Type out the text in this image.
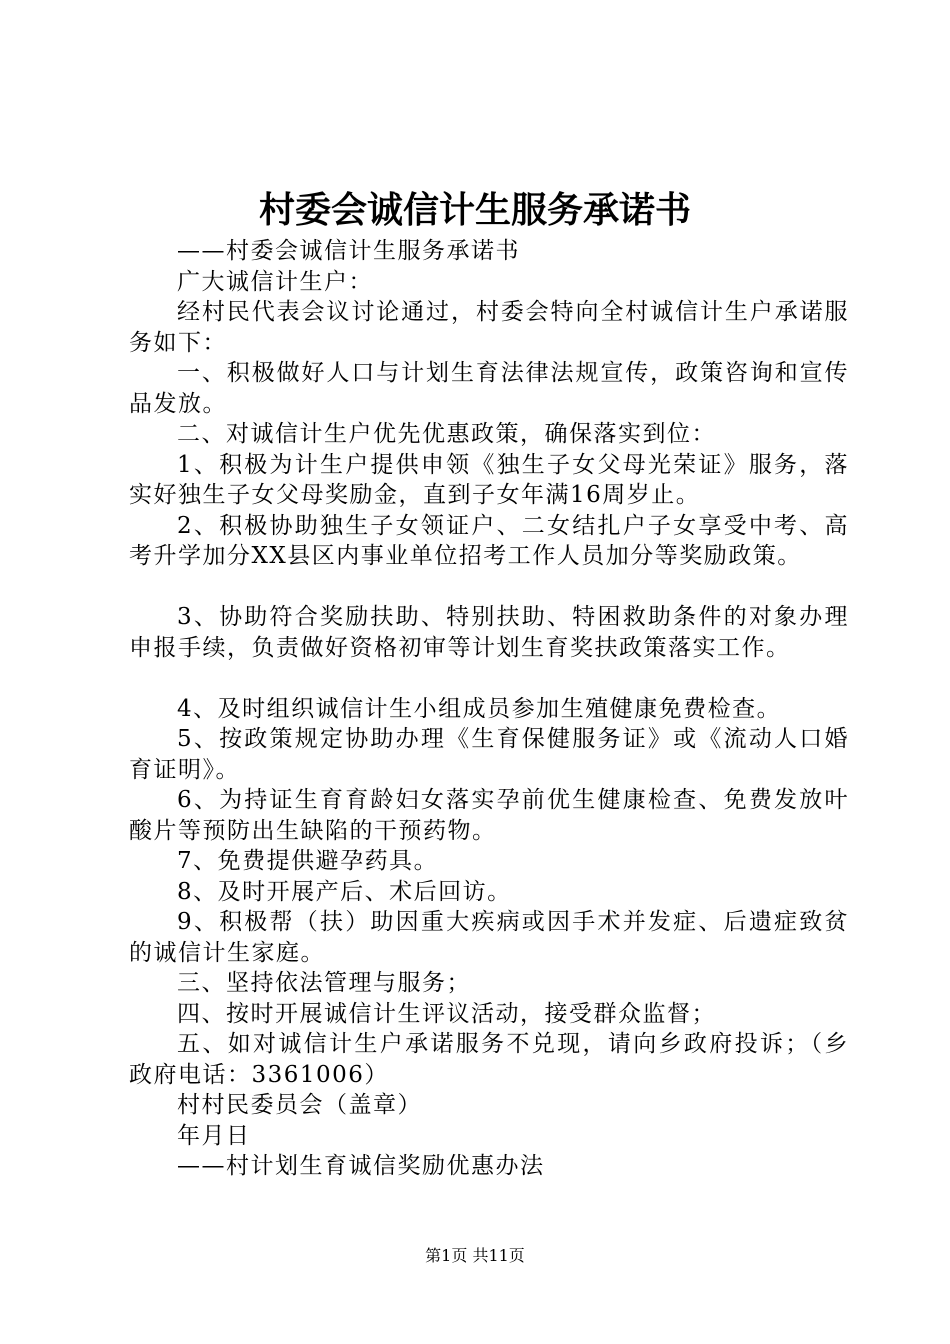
村委会诚信计生服务承诺书

——村委会诚信计生服务承诺书

广大诚信计生户：

经村民代表会议讨论通过，村委会特向全村诚信计生户承诺服务如下：

一、积极做好人口与计划生育法律法规宣传，政策咨询和宣传品发放。

二、对诚信计生户优先优惠政策，确保落实到位：

1、积极为计生户提供申领《独生子女父母光荣证》服务，落实好独生子女父母奖励金，直到子女年满16周岁止。

2、积极协助独生子女领证户、二女结扎户子女享受中考、高考升学加分XX县区内事业单位招考工作人员加分等奖励政策。

3、协助符合奖励扶助、特别扶助、特困救助条件的对象办理申报手续，负责做好资格初审等计划生育奖扶政策落实工作。

4、及时组织诚信计生小组成员参加生殖健康免费检查。

5、按政策规定协助办理《生育保健服务证》或《流动人口婚育证明》。

6、为持证生育育龄妇女落实孕前优生健康检查、免费发放叶酸片等预防出生缺陷的干预药物。

7、免费提供避孕药具。

8、及时开展产后、术后回访。

9、积极帮（扶）助因重大疾病或因手术并发症、后遗症致贫的诚信计生家庭。

三、坚持依法管理与服务；

四、按时开展诚信计生评议活动，接受群众监督；

五、如对诚信计生户承诺服务不兑现，请向乡政府投诉；（乡政府电话：3361006）

村村民委员会（盖章）

年月日

——村计划生育诚信奖励优惠办法

第1页 共11页
